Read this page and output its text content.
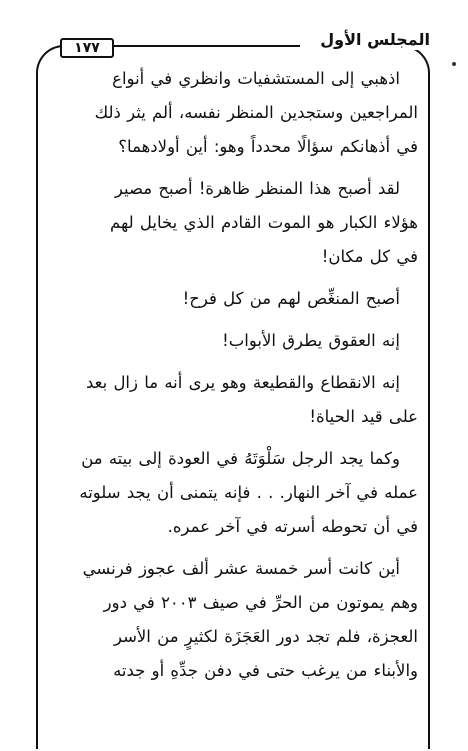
المجلس الأول
١٧٧

اذهبي إلى المستشفيات وانظري في أنواع
المراجعين وستجدين المنظر نفسه، ألم يثر ذلك
في أذهانكم سؤالًا محدداً وهو: أين أولادهما؟

لقد أصبح هذا المنظر ظاهرة! أصبح مصير
هؤلاء الكبار هو الموت القادم الذي يخايل لهم
في كل مكان!

أصبح المنغِّص لهم من كل فرح!

إنه العقوق يطرق الأبواب!

إنه الانقطاع والقطيعة وهو يرى أنه ما زال بعد
على قيد الحياة!

وكما يجد الرجل سَلْوَتَهُ في العودة إلى بيته من
عمله في آخر النهار. . . فإنه يتمنى أن يجد سلوته
في أن تحوطه أسرته في آخر عمره.

أين كانت أسر خمسة عشر ألف عجوز فرنسي
وهم يموتون من الحرِّ في صيف ٢٠٠٣ في دور
العجزة، فلم تجد دور العَجَزَة لكثيرٍ من الأسر
والأبناء من يرغب حتى في دفن جدِّهِ أو جدته
